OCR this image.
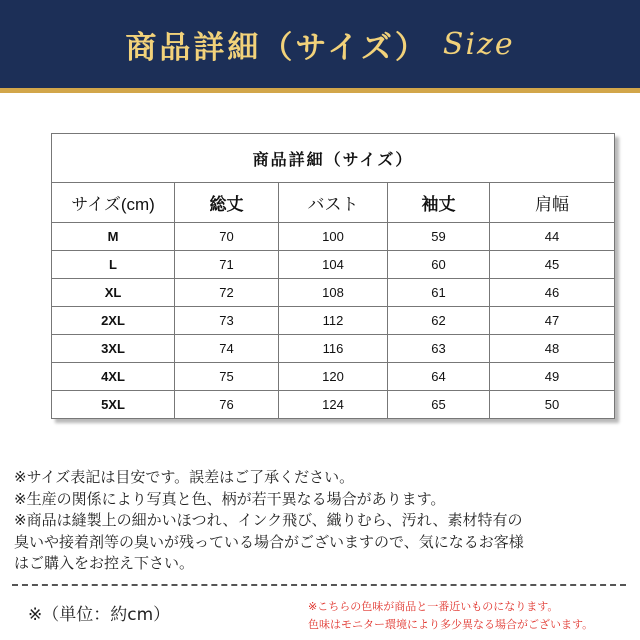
商品詳細（サイズ） Size
商品詳細（サイズ）				
サイズ(cm)	総丈	バスト	袖丈	肩幅
M	70	100	59	44
L	71	104	60	45
XL	72	108	61	46
2XL	73	112	62	47
3XL	74	116	63	48
4XL	75	120	64	49
5XL	76	124	65	50

※サイズ表記は目安です。誤差はご了承ください。

※生産の関係により写真と色、柄が若干異なる場合があります。

※商品は縫製上の細かいほつれ、インク飛び、織りむら、汚れ、素材特有の

臭いや接着剤等の臭いが残っている場合がございますので、気になるお客様

はご購入をお控え下さい。

※（単位：約cm）	※こちらの色味が商品と一番近いものになります。

色味はモニター環境により多少異なる場合がございます。
